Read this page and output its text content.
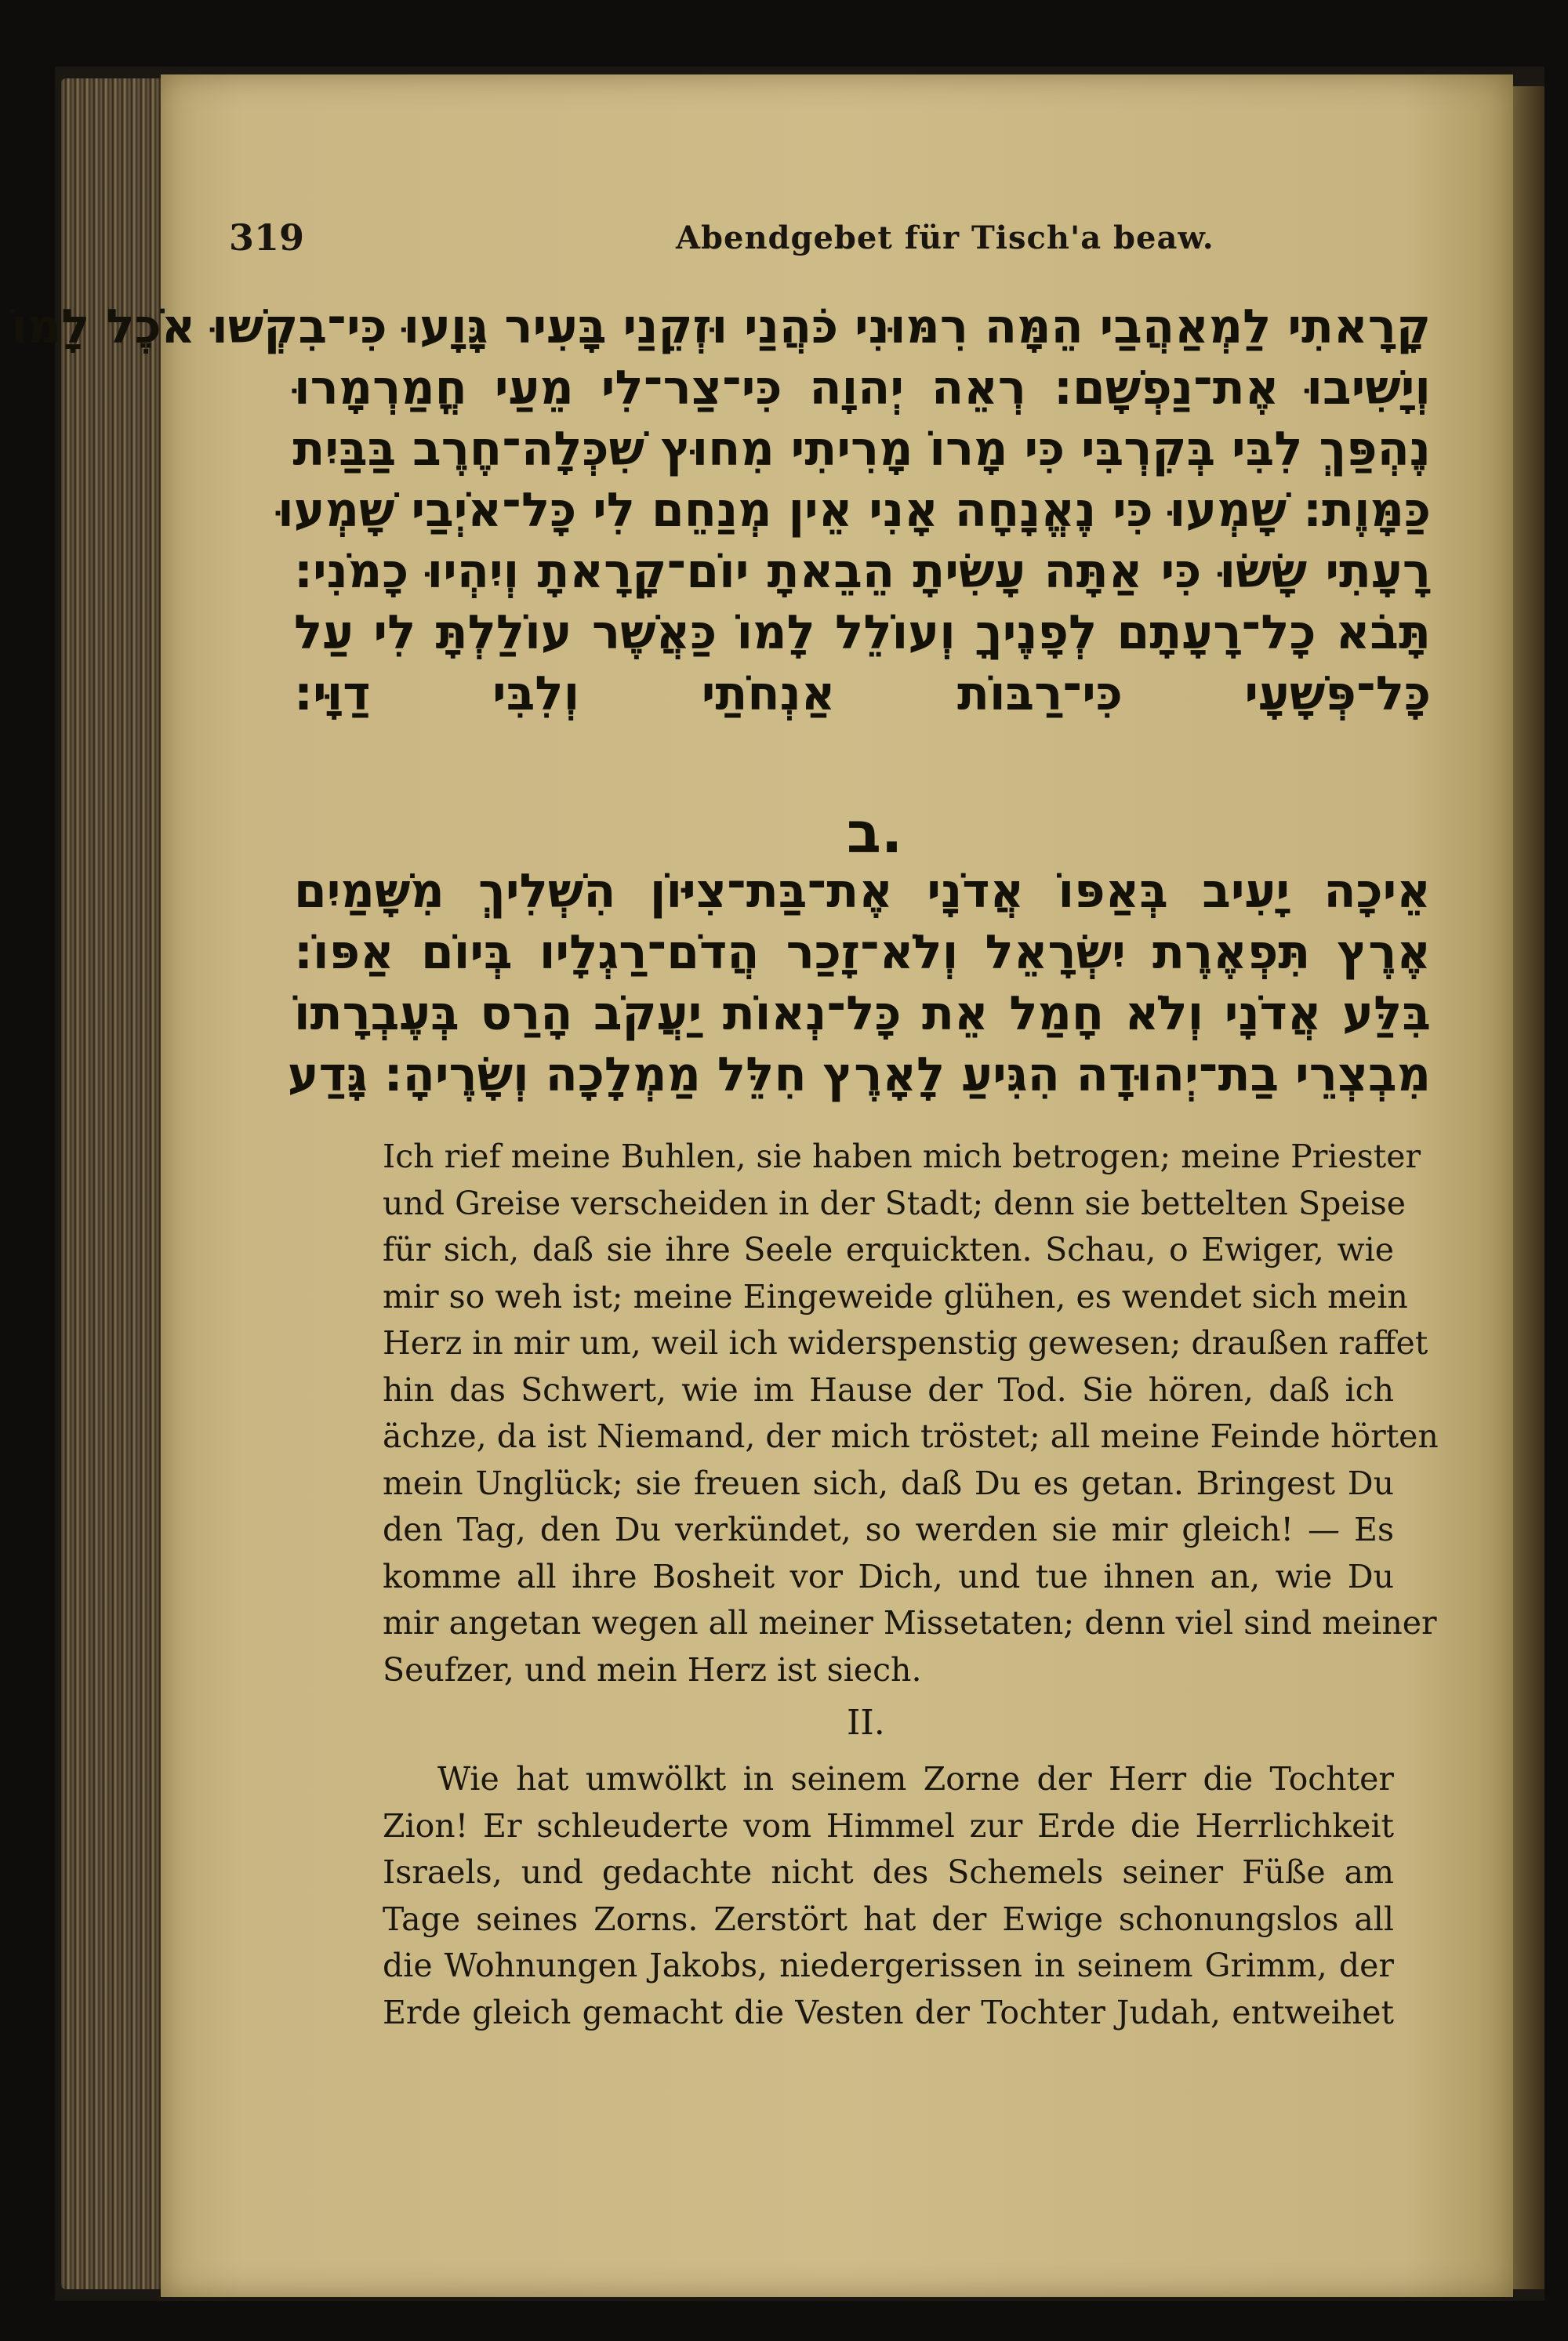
319	Abendgebet für Tisch'a beaw.
קָרָאתִי לַמְאַהֲבַי הֵמָּה רִמּוּנִי כֹּהֲנַי וּזְקֵנַי בָּעִיר גָּוָעוּ כִּי־בִקְשׁוּ אֹכֶל לָמוֹ
וְיָשִׁיבוּ אֶת־נַפְשָׁם: רְאֵה יְהוָה כִּי־צַר־לִי מֵעַי חֳמַרְמָרוּ
נֶהְפַּךְ לִבִּי בְּקִרְבִּי כִּי מָרוֹ מָרִיתִי מִחוּץ שִׁכְּלָה־חֶרֶב בַּבַּיִת
כַּמָּוֶת: שָׁמְעוּ כִּי נֶאֱנָחָה אָנִי אֵין מְנַחֵם לִי כָּל־אֹיְבַי שָׁמְעוּ
רָעָתִי שָׂשׂוּ כִּי אַתָּה עָשִׂיתָ הֵבֵאתָ יוֹם־קָרָאתָ וְיִהְיוּ כָמֹנִי:
תָּבֹא כָל־רָעָתָם לְפָנֶיךָ וְעוֹלֵל לָמוֹ כַּאֲשֶׁר עוֹלַלְתָּ לִי עַל
כָּל־פְּשָׁעָי כִּי־רַבּוֹת אַנְחֹתַי וְלִבִּי דַוָּי:
ב.
אֵיכָה יָעִיב בְּאַפּוֹ אֲדֹנָי אֶת־בַּת־צִיּוֹן הִשְׁלִיךְ מִשָּׁמַיִם
אֶרֶץ תִּפְאֶרֶת יִשְׂרָאֵל וְלֹא־זָכַר הֲדֹם־רַגְלָיו בְּיוֹם אַפּוֹ:
בִּלַּע אֲדֹנָי וְלֹא חָמַל אֵת כָּל־נְאוֹת יַעֲקֹב הָרַס בְּעֶבְרָתוֹ
מִבְצְרֵי בַת־יְהוּדָה הִגִּיעַ לָאָרֶץ חִלֵּל מַמְלָכָה וְשָׂרֶיהָ: גָּדַע
Ich rief meine Buhlen, sie haben mich betrogen; meine Priester
und Greise verscheiden in der Stadt; denn sie bettelten Speise
für sich, daß sie ihre Seele erquickten. Schau, o Ewiger, wie
mir so weh ist; meine Eingeweide glühen, es wendet sich mein
Herz in mir um, weil ich widerspenstig gewesen; draußen raffet
hin das Schwert, wie im Hause der Tod. Sie hören, daß ich
ächze, da ist Niemand, der mich tröstet; all meine Feinde hörten
mein Unglück; sie freuen sich, daß Du es getan. Bringest Du
den Tag, den Du verkündet, so werden sie mir gleich! — Es
komme all ihre Bosheit vor Dich, und tue ihnen an, wie Du
mir angetan wegen all meiner Missetaten; denn viel sind meiner
Seufzer, und mein Herz ist siech.
II.
Wie hat umwölkt in seinem Zorne der Herr die Tochter
Zion! Er schleuderte vom Himmel zur Erde die Herrlichkeit
Israels, und gedachte nicht des Schemels seiner Füße am
Tage seines Zorns. Zerstört hat der Ewige schonungslos all
die Wohnungen Jakobs, niedergerissen in seinem Grimm, der
Erde gleich gemacht die Vesten der Tochter Judah, entweihet
